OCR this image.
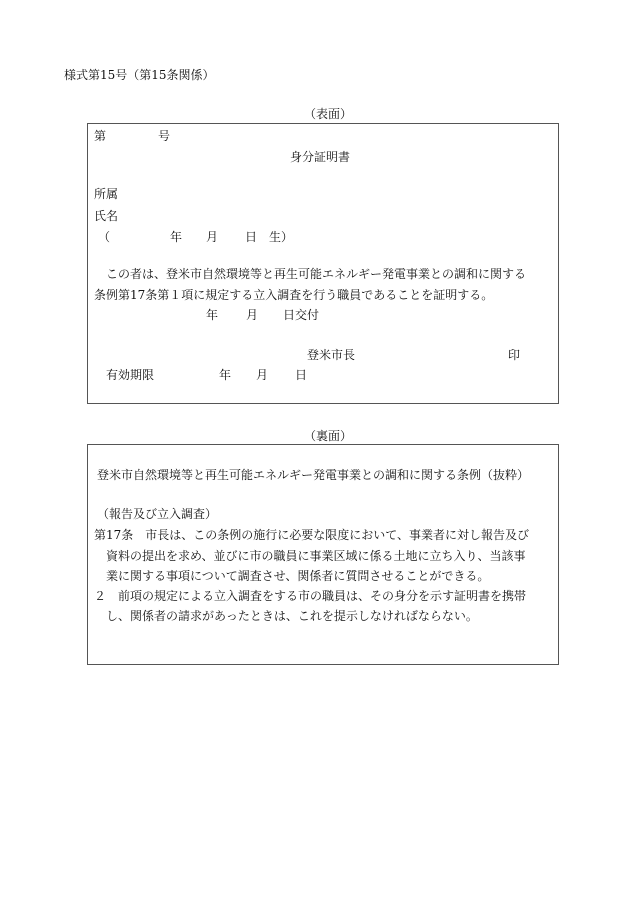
様式第15号（第15条関係）
（表面）
第	号
身分証明書
所属
氏名
（	年 月 日　生）
この者は、登米市自然環境等と再生可能エネルギー発電事業との調和に関する
条例第17条第１項に規定する立入調査を行う職員であることを証明する。
年 月 日交付
登米市長	印
有効期限	年 月 日
（裏面）
登米市自然環境等と再生可能エネルギー発電事業との調和に関する条例（抜粋）
（報告及び立入調査）
第17条　市長は、この条例の施行に必要な限度において、事業者に対し報告及び
資料の提出を求め、並びに市の職員に事業区域に係る土地に立ち入り、当該事
業に関する事項について調査させ、関係者に質問させることができる。
２　前項の規定による立入調査をする市の職員は、その身分を示す証明書を携帯
し、関係者の請求があったときは、これを提示しなければならない。
